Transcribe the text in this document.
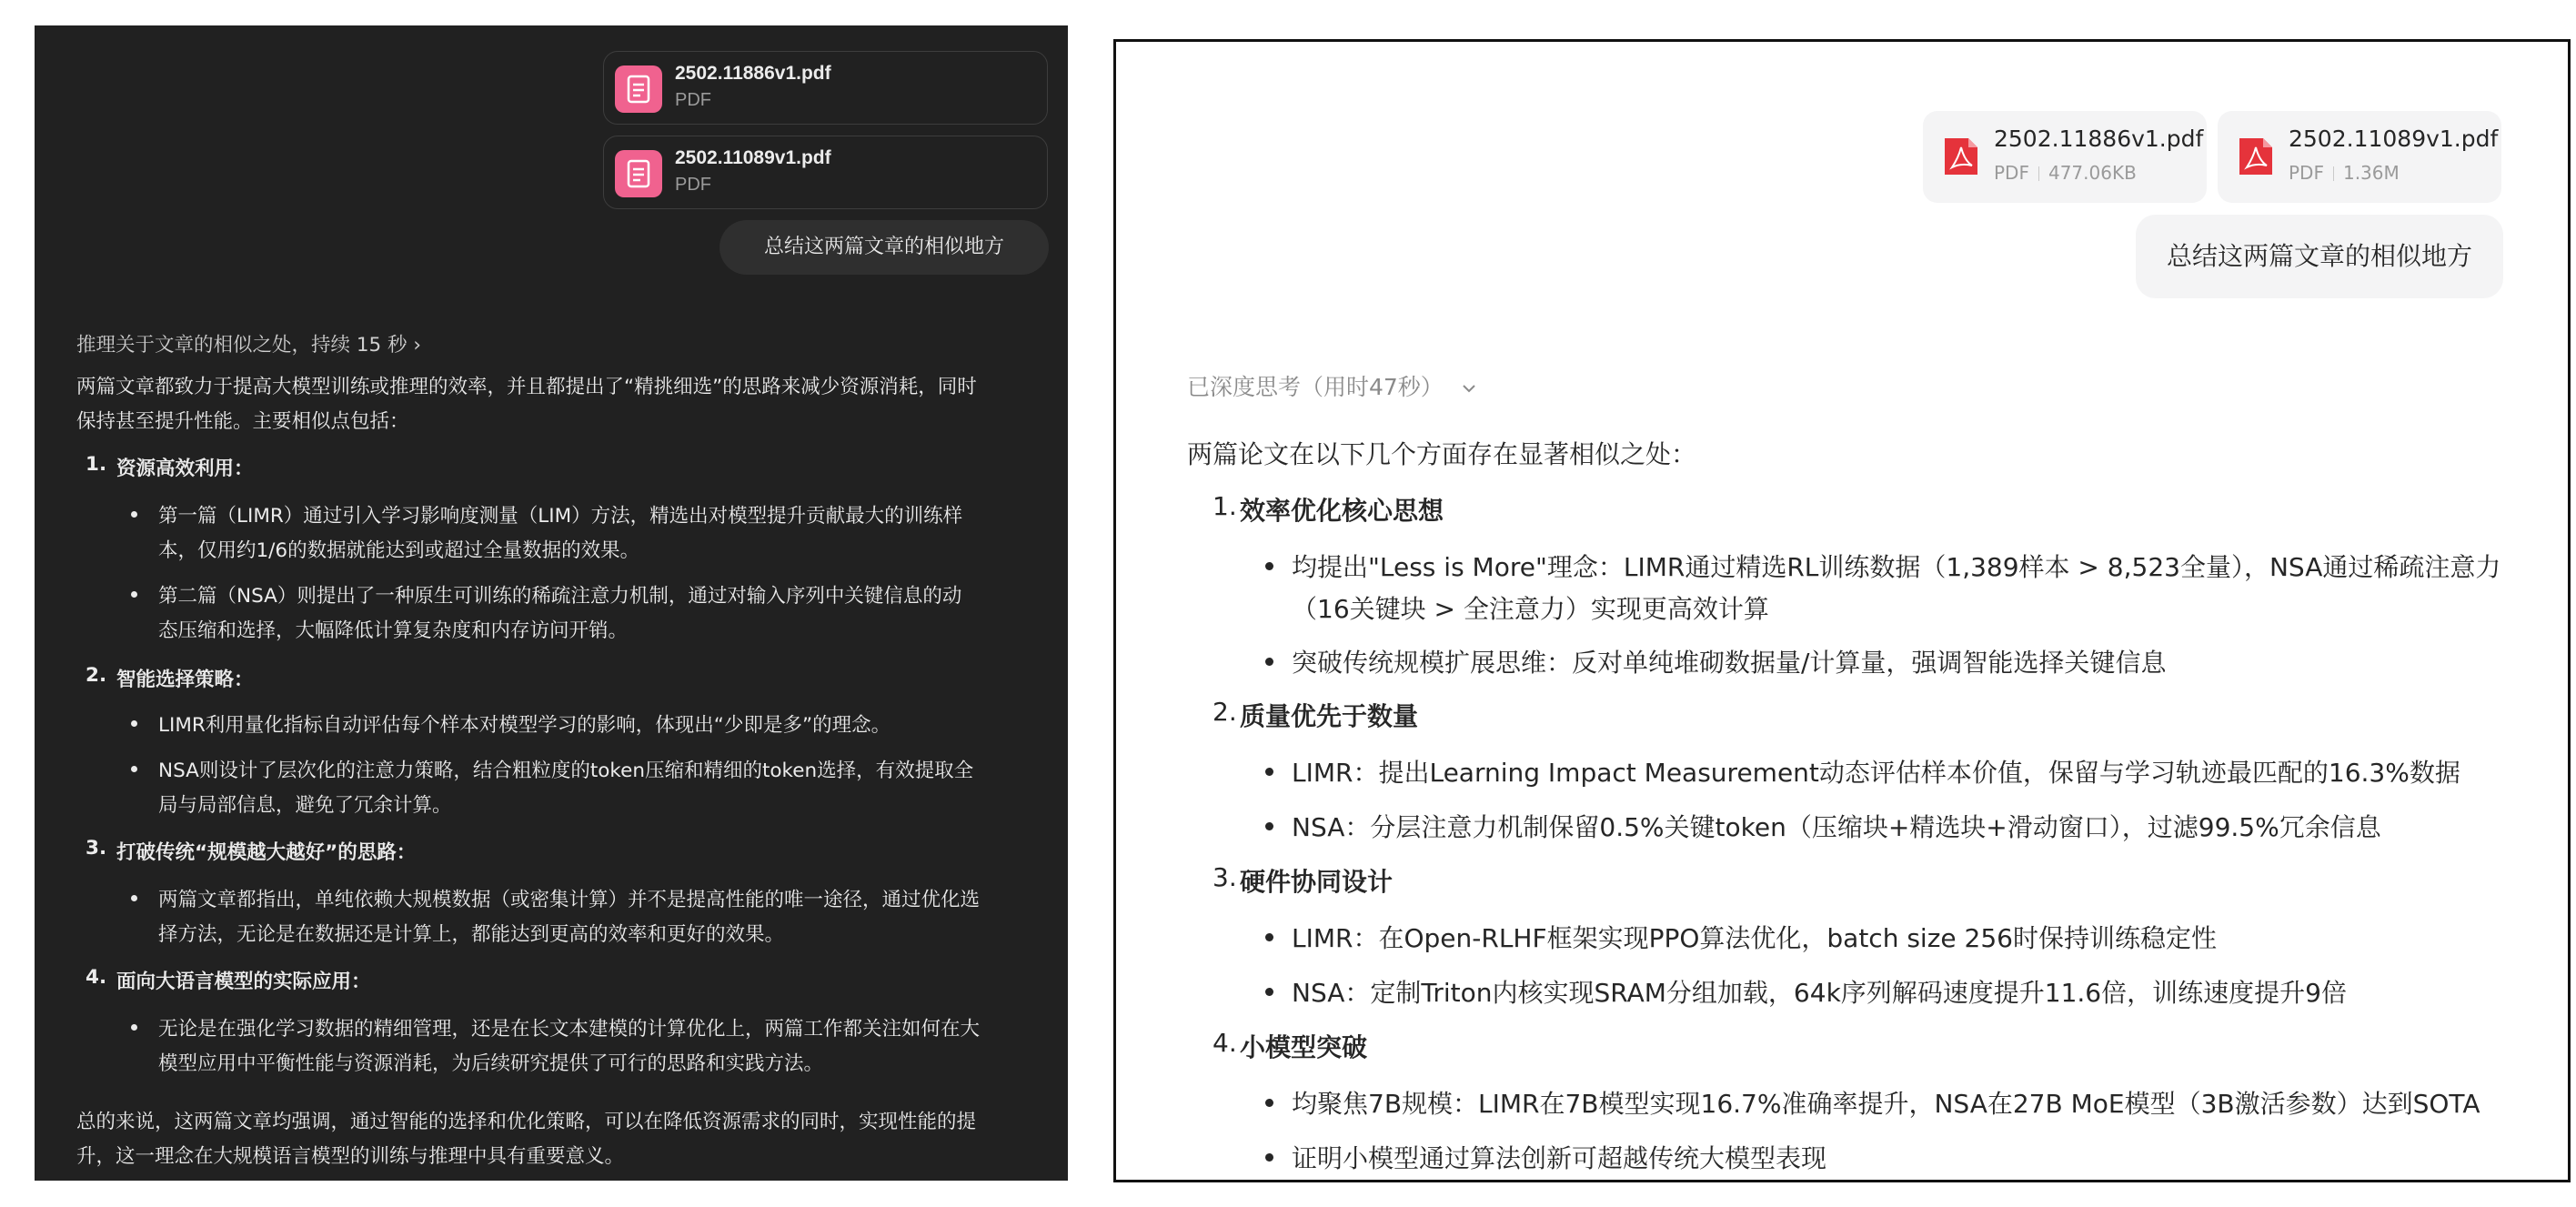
2502.11886v1.pdf
PDF
2502.11089v1.pdf
PDF
总结这两篇文章的相似地方
推理关于文章的相似之处，持续 15 秒 ›
两篇文章都致力于提高大模型训练或推理的效率，并且都提出了“精挑细选”的思路来减少资源消耗，同时
保持甚至提升性能。主要相似点包括：
1. 资源高效利用：
第一篇（LIMR）通过引入学习影响度测量（LIM）方法，精选出对模型提升贡献最大的训练样
本，仅用约1/6的数据就能达到或超过全量数据的效果。
第二篇（NSA）则提出了一种原生可训练的稀疏注意力机制，通过对输入序列中关键信息的动
态压缩和选择，大幅降低计算复杂度和内存访问开销。
2. 智能选择策略：
LIMR利用量化指标自动评估每个样本对模型学习的影响，体现出“少即是多”的理念。
NSA则设计了层次化的注意力策略，结合粗粒度的token压缩和精细的token选择，有效提取全
局与局部信息，避免了冗余计算。
3. 打破传统“规模越大越好”的思路：
两篇文章都指出，单纯依赖大规模数据（或密集计算）并不是提高性能的唯一途径，通过优化选
择方法，无论是在数据还是计算上，都能达到更高的效率和更好的效果。
4. 面向大语言模型的实际应用：
无论是在强化学习数据的精细管理，还是在长文本建模的计算优化上，两篇工作都关注如何在大
模型应用中平衡性能与资源消耗，为后续研究提供了可行的思路和实践方法。
总的来说，这两篇文章均强调，通过智能的选择和优化策略，可以在降低资源需求的同时，实现性能的提
升，这一理念在大规模语言模型的训练与推理中具有重要意义。
2502.11886v1.pdf
PDF 477.06KB
2502.11089v1.pdf
PDF 1.36M
总结这两篇文章的相似地方
已深度思考（用时47秒）
两篇论文在以下几个方面存在显著相似之处：
1. 效率优化核心思想
均提出"Less is More"理念：LIMR通过精选RL训练数据（1,389样本 > 8,523全量），NSA通过稀疏注意力
（16关键块 > 全注意力）实现更高效计算
突破传统规模扩展思维：反对单纯堆砌数据量/计算量，强调智能选择关键信息
2. 质量优先于数量
LIMR：提出Learning Impact Measurement动态评估样本价值，保留与学习轨迹最匹配的16.3%数据
NSA：分层注意力机制保留0.5%关键token（压缩块+精选块+滑动窗口），过滤99.5%冗余信息
3. 硬件协同设计
LIMR：在Open-RLHF框架实现PPO算法优化，batch size 256时保持训练稳定性
NSA：定制Triton内核实现SRAM分组加载，64k序列解码速度提升11.6倍，训练速度提升9倍
4. 小模型突破
均聚焦7B规模：LIMR在7B模型实现16.7%准确率提升，NSA在27B MoE模型（3B激活参数）达到SOTA
证明小模型通过算法创新可超越传统大模型表现
